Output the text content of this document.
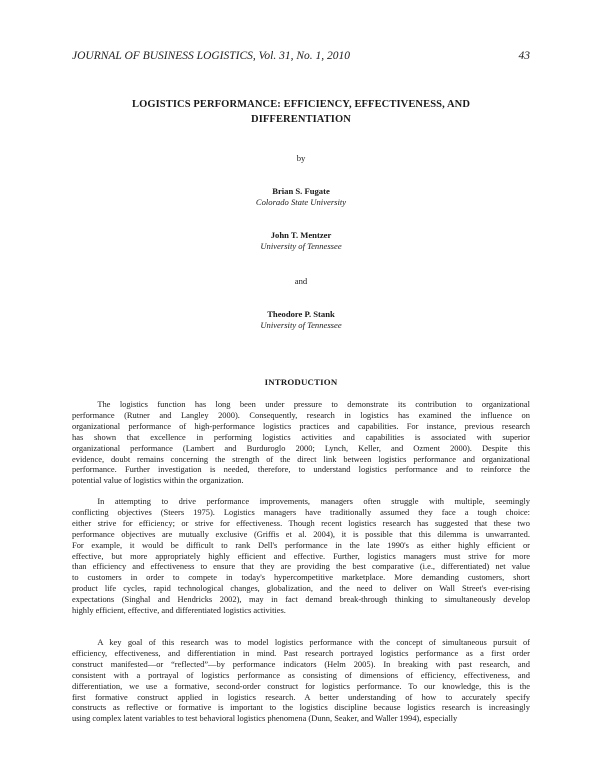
JOURNAL OF BUSINESS LOGISTICS, Vol. 31, No. 1, 2010	43
LOGISTICS PERFORMANCE: EFFICIENCY, EFFECTIVENESS, AND
DIFFERENTIATION
by
Brian S. Fugate
Colorado State University
John T. Mentzer
University of Tennessee
and
Theodore P. Stank
University of Tennessee
INTRODUCTION
   The logistics function has long been under pressure to demonstrate its contribution to organizational
performance (Rutner and Langley 2000). Consequently, research in logistics has examined the influence on
organizational performance of high-performance logistics practices and capabilities. For instance, previous research
has shown that excellence in performing logistics activities and capabilities is associated with superior
organizational performance (Lambert and Burduroglo 2000; Lynch, Keller, and Ozment 2000). Despite this
evidence, doubt remains concerning the strength of the direct link between logistics performance and organizational
performance. Further investigation is needed, therefore, to understand logistics performance and to reinforce the
potential value of logistics within the organization.
   In attempting to drive performance improvements, managers often struggle with multiple, seemingly
conflicting objectives (Steers 1975). Logistics managers have traditionally assumed they face a tough choice:
either strive for efficiency; or strive for effectiveness. Though recent logistics research has suggested that these two
performance objectives are mutually exclusive (Griffis et al. 2004), it is possible that this dilemma is unwarranted.
For example, it would be difficult to rank Dell's performance in the late 1990's as either highly efficient or
effective, but more appropriately highly efficient and effective. Further, logistics managers must strive for more
than efficiency and effectiveness to ensure that they are providing the best comparative (i.e., differentiated) net value
to customers in order to compete in today's hypercompetitive marketplace. More demanding customers, short
product life cycles, rapid technological changes, globalization, and the need to deliver on Wall Street's ever-rising
expectations (Singhal and Hendricks 2002), may in fact demand break-through thinking to simultaneously develop
highly efficient, effective, and differentiated logistics activities.
   A key goal of this research was to model logistics performance with the concept of simultaneous pursuit of
efficiency, effectiveness, and differentiation in mind. Past research portrayed logistics performance as a first order
construct manifested—or “reflected”—by performance indicators (Helm 2005). In breaking with past research, and
consistent with a portrayal of logistics performance as consisting of dimensions of efficiency, effectiveness, and
differentiation, we use a formative, second-order construct for logistics performance. To our knowledge, this is the
first formative construct applied in logistics research. A better understanding of how to accurately specify
constructs as reflective or formative is important to the logistics discipline because logistics research is increasingly
using complex latent variables to test behavioral logistics phenomena (Dunn, Seaker, and Waller 1994), especially
